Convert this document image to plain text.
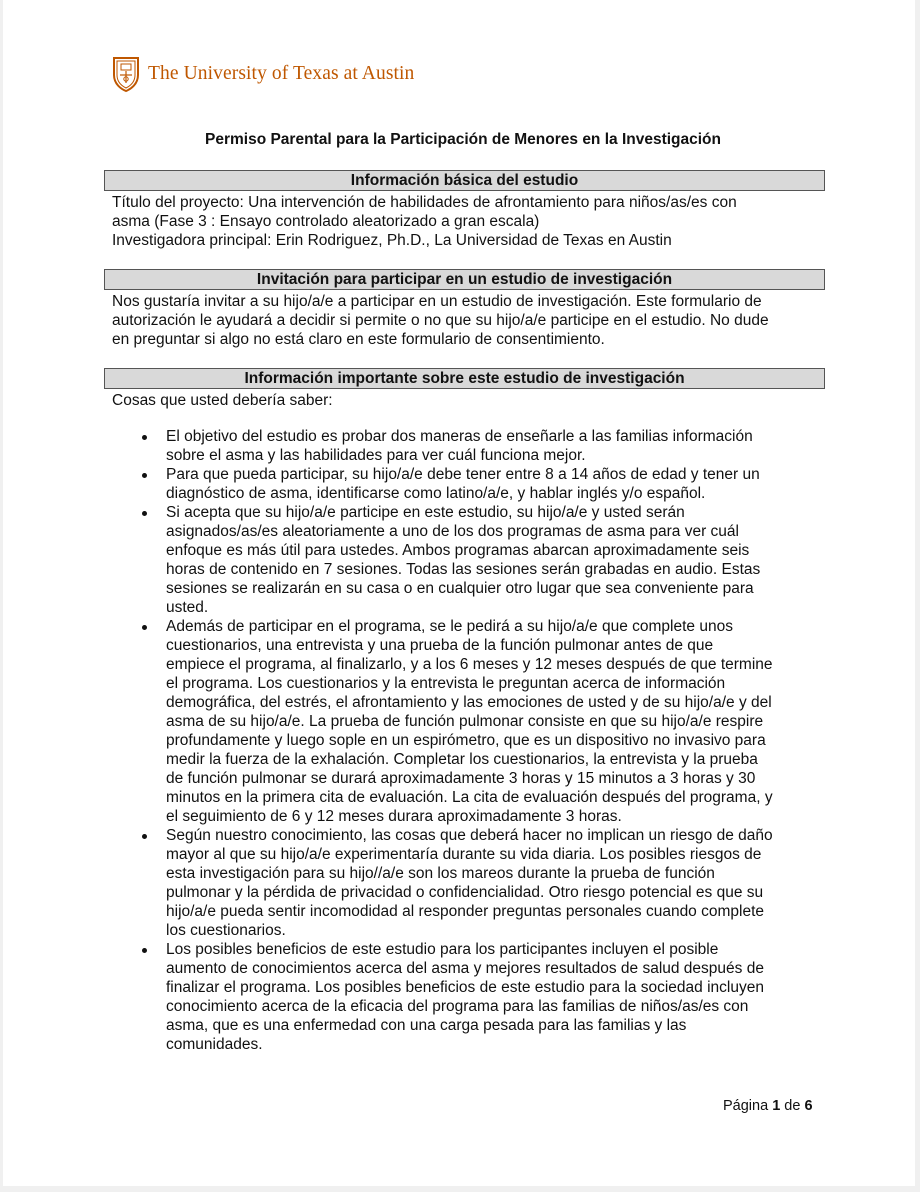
The University of Texas at Austin
Permiso Parental para la Participación de Menores en la Investigación
Información básica del estudio
Título del proyecto: Una intervención de habilidades de afrontamiento para niños/as/es con
asma (Fase 3 : Ensayo controlado aleatorizado a gran escala)
Investigadora principal: Erin Rodriguez, Ph.D., La Universidad de Texas en Austin
Invitación para participar en un estudio de investigación
Nos gustaría invitar a su hijo/a/e a participar en un estudio de investigación. Este formulario de
autorización le ayudará a decidir si permite o no que su hijo/a/e participe en el estudio. No dude
en preguntar si algo no está claro en este formulario de consentimiento.
Información importante sobre este estudio de investigación
Cosas que usted debería saber:
El objetivo del estudio es probar dos maneras de enseñarle a las familias información
sobre el asma y las habilidades para ver cuál funciona mejor.
Para que pueda participar, su hijo/a/e debe tener entre 8 a 14 años de edad y tener un
diagnóstico de asma, identificarse como latino/a/e, y hablar inglés y/o español.
Si acepta que su hijo/a/e participe en este estudio, su hijo/a/e y usted serán
asignados/as/es aleatoriamente a uno de los dos programas de asma para ver cuál
enfoque es más útil para ustedes. Ambos programas abarcan aproximadamente seis
horas de contenido en 7 sesiones. Todas las sesiones serán grabadas en audio. Estas
sesiones se realizarán en su casa o en cualquier otro lugar que sea conveniente para
usted.
Además de participar en el programa, se le pedirá a su hijo/a/e que complete unos
cuestionarios, una entrevista y una prueba de la función pulmonar antes de que
empiece el programa, al finalizarlo, y a los 6 meses y 12 meses después de que termine
el programa. Los cuestionarios y la entrevista le preguntan acerca de información
demográfica, del estrés, el afrontamiento y las emociones de usted y de su hijo/a/e y del
asma de su hijo/a/e. La prueba de función pulmonar consiste en que su hijo/a/e respire
profundamente y luego sople en un espirómetro, que es un dispositivo no invasivo para
medir la fuerza de la exhalación. Completar los cuestionarios, la entrevista y la prueba
de función pulmonar se durará aproximadamente 3 horas y 15 minutos a 3 horas y 30
minutos en la primera cita de evaluación. La cita de evaluación después del programa, y
el seguimiento de 6 y 12 meses durara aproximadamente 3 horas.
Según nuestro conocimiento, las cosas que deberá hacer no implican un riesgo de daño
mayor al que su hijo/a/e experimentaría durante su vida diaria. Los posibles riesgos de
esta investigación para su hijo//a/e son los mareos durante la prueba de función
pulmonar y la pérdida de privacidad o confidencialidad. Otro riesgo potencial es que su
hijo/a/e pueda sentir incomodidad al responder preguntas personales cuando complete
los cuestionarios.
Los posibles beneficios de este estudio para los participantes incluyen el posible
aumento de conocimientos acerca del asma y mejores resultados de salud después de
finalizar el programa. Los posibles beneficios de este estudio para la sociedad incluyen
conocimiento acerca de la eficacia del programa para las familias de niños/as/es con
asma, que es una enfermedad con una carga pesada para las familias y las
comunidades.
Página 1 de 6
